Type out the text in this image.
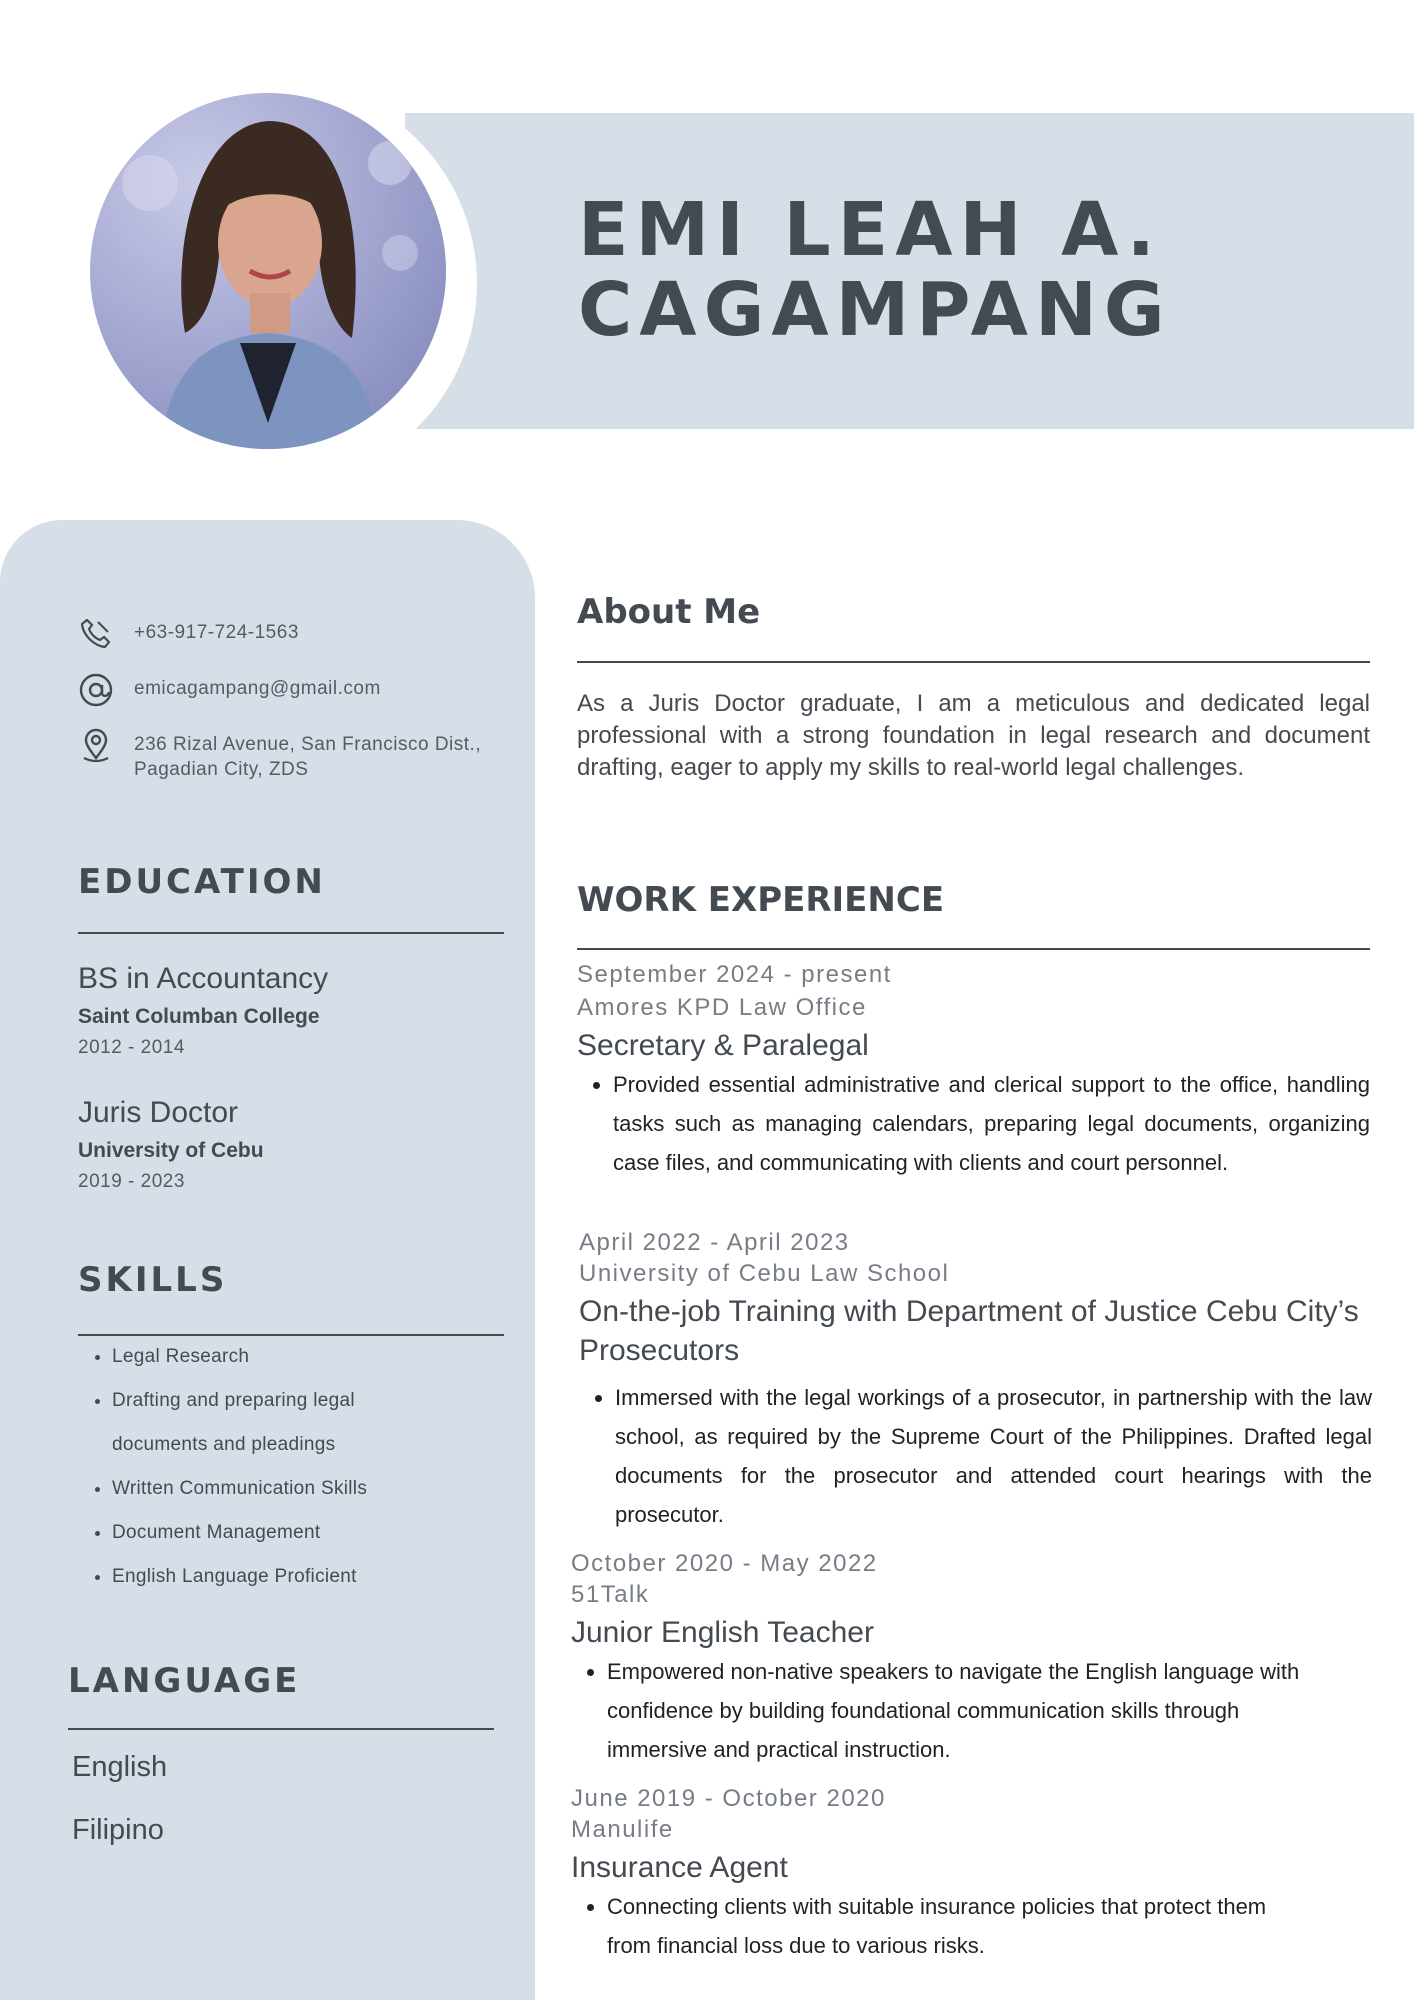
EMI LEAH A.
CAGAMPANG
+63-917-724-1563
emicagampang@gmail.com
236 Rizal Avenue, San Francisco Dist.,
Pagadian City, ZDS
EDUCATION
BS in Accountancy
Saint Columban College
2012 - 2014
Juris Doctor
University of Cebu
2019 - 2023
SKILLS
• Legal Research
• Drafting and preparing legal documents and pleadings
• Written Communication Skills
• Document Management
• English Language Proficient
LANGUAGE
English
Filipino
About Me

As a Juris Doctor graduate, I am a meticulous and dedicated legal professional with a strong foundation in legal research and document drafting, eager to apply my skills to real-world legal challenges.

WORK EXPERIENCE
September 2024 - present
Amores KPD Law Office
Secretary & Paralegal
• Provided essential administrative and clerical support to the office, handling tasks such as managing calendars, preparing legal documents, organizing case files, and communicating with clients and court personnel.
April 2022 - April 2023
University of Cebu Law School
On-the-job Training with Department of Justice Cebu City’s Prosecutors
• Immersed with the legal workings of a prosecutor, in partnership with the law school, as required by the Supreme Court of the Philippines. Drafted legal documents for the prosecutor and attended court hearings with the prosecutor.
October 2020 - May 2022
51Talk
Junior English Teacher
• Empowered non-native speakers to navigate the English language with confidence by building foundational communication skills through immersive and practical instruction.
June 2019 - October 2020
Manulife
Insurance Agent
• Connecting clients with suitable insurance policies that protect them from financial loss due to various risks.
